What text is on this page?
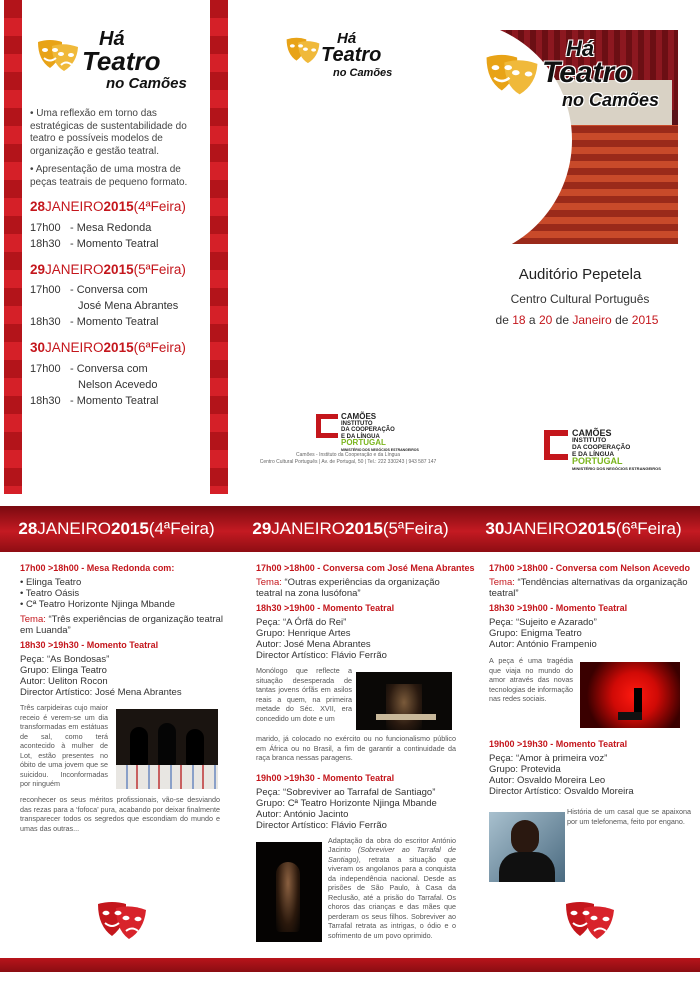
Há
Teatro
no Camões

• Uma reflexão em torno das estratégicas de sustentabilidade do teatro e possíveis modelos de organização e gestão teatral.

• Apresentação de uma mostra de peças teatrais de pequeno formato.

28JANEIRO2015(4ªFeira)
17h00 - Mesa Redonda
18h30 - Momento Teatral
29JANEIRO2015(5ªFeira)
17h00 - Conversa com
José Mena Abrantes
18h30 - Momento Teatral
30JANEIRO2015(6ªFeira)
17h00 - Conversa com
Nelson Acevedo
18h30 - Momento Teatral
Há
Teatro
no Camões
CAMÕES
INSTITUTO
DA COOPERAÇÃO
E DA LÍNGUA
PORTUGAL
MINISTÉRIO DOS NEGÓCIOS ESTRANGEIROS
Camões - Instituto da Cooperação e da Língua
Centro Cultural Português | Av. de Portugal, 50 | Tel.: 222 330243 | 943 587 147
Há
Teatro
no Camões
Auditório Pepetela
Centro Cultural Português
de 18 a 20 de Janeiro de 2015
CAMÕES
INSTITUTO
DA COOPERAÇÃO
E DA LÍNGUA
PORTUGAL
MINISTÉRIO DOS NEGÓCIOS ESTRANGEIROS
28JANEIRO2015(4ªFeira)	29JANEIRO2015(5ªFeira)	30JANEIRO2015(6ªFeira)
17h00 >18h00 - Mesa Redonda com:
• Elinga Teatro
• Teatro Oásis
• Cª Teatro Horizonte Njinga Mbande
Tema: “Três experiências de organização teatral em Luanda”
18h30 >19h30 - Momento Teatral
Peça: “As Bondosas”
Grupo: Elinga Teatro
Autor: Ueliton Rocon
Director Artístico: José Mena Abrantes
Três carpideiras cujo maior receio é verem-se um dia transformadas em estátuas de sal, como terá acontecido à mulher de Lot, estão presentes no óbito de uma jovem que se suicidou. Inconformadas por ninguém
reconhecer os seus méritos profissionais, vão-se desviando das rezas para a ‘fofoca’ pura, acabando por deixar finalmente transparecer todos os segredos que escondiam do mundo e umas das outras...
17h00 >18h00 - Conversa com José Mena Abrantes
Tema: “Outras experiências da organização teatral na zona lusófona”
18h30 >19h00 - Momento Teatral
Peça: “A Órfã do Rei”
Grupo: Henrique Artes
Autor: José Mena Abrantes
Director Artístico: Flávio Ferrão
Monólogo que reflecte a situação desesperada de tantas jovens órfãs em asilos reais a quem, na primeira metade do Séc. XVII, era concedido um dote e um
marido, já colocado no exército ou no funcionalismo público em África ou no Brasil, a fim de garantir a continuidade da raça branca nessas paragens.
19h00 >19h30 - Momento Teatral
Peça: “Sobreviver ao Tarrafal de Santiago”
Grupo: Cª Teatro Horizonte Njinga Mbande
Autor: António Jacinto
Director Artístico: Flávio Ferrão
Adaptação da obra do escritor António Jacinto (Sobreviver ao Tarrafal de Santiago), retrata a situação que viveram os angolanos para a conquista da independência nacional. Desde as prisões de São Paulo, à Casa da Reclusão, até a prisão do Tarrafal. Os choros das crianças e das mães que perderam os seus filhos. Sobreviver ao Tarrafal retrata as intrigas, o ódio e o sofrimento de um povo oprimido.
17h00 >18h00 - Conversa com Nelson Acevedo
Tema: “Tendências alternativas da organização teatral”
18h30 >19h00 - Momento Teatral
Peça: “Sujeito e Azarado”
Grupo: Enigma Teatro
Autor: António Frampenio
A peça é uma tragédia que viaja no mundo do amor através das novas tecnologias de informação nas redes sociais.
19h00 >19h30 - Momento Teatral
Peça: “Amor à primeira voz”
Grupo: Protevida
Autor: Osvaldo Moreira Leo
Director Artístico: Osvaldo Moreira
História de um casal que se apaixona por um telefonema, feito por engano.
